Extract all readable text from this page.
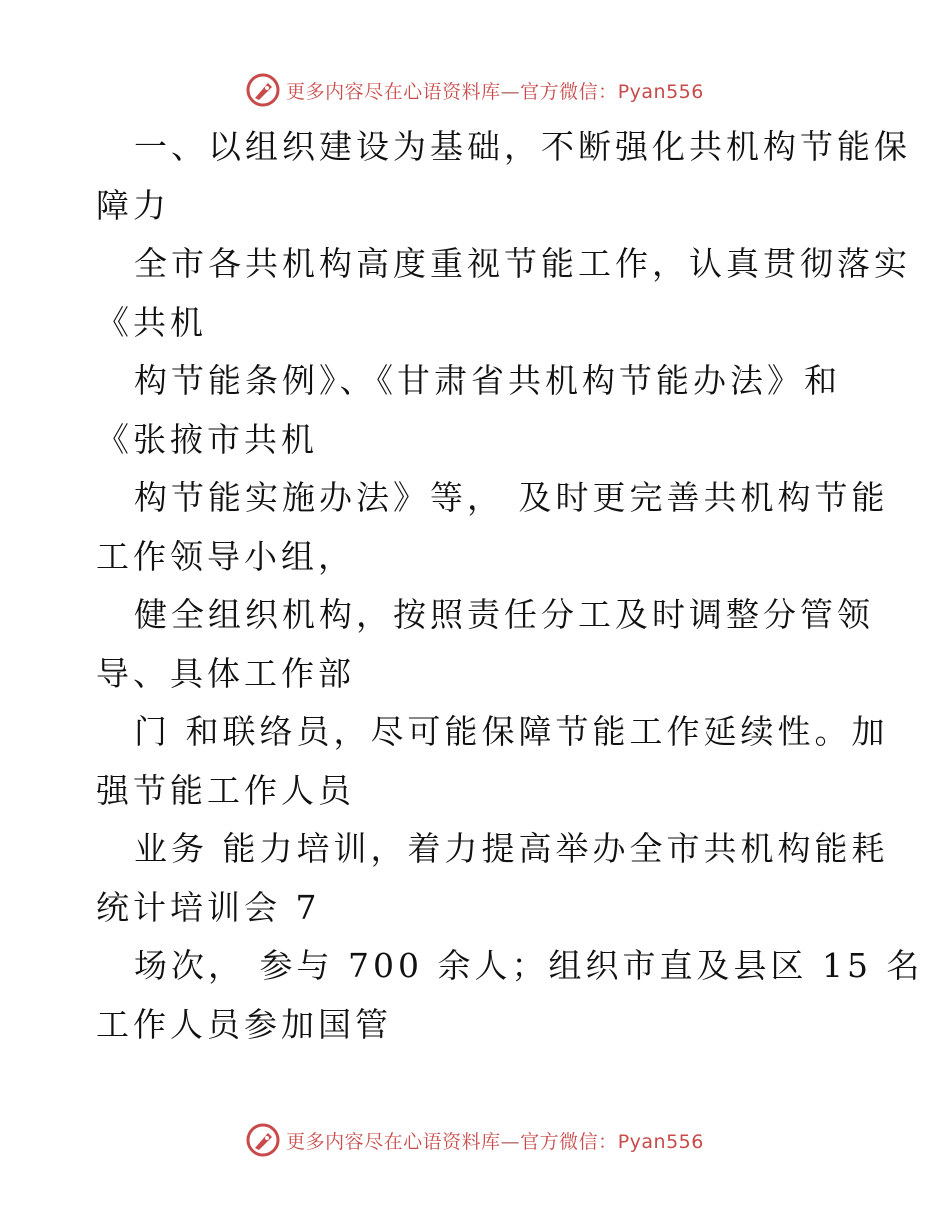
更多内容尽在心语资料库—官方微信：Pyan556

一、以组织建设为基础，不断强化共机构节能保
障力
全市各共机构高度重视节能工作，认真贯彻落实
《共机
构节能条例》、《甘肃省共机构节能办法》和
《张掖市共机
构节能实施办法》等， 及时更完善共机构节能
工作领导小组，
健全组织机构，按照责任分工及时调整分管领
导、具体工作部
门 和联络员，尽可能保障节能工作延续性。加
强节能工作人员
业务 能力培训，着力提高举办全市共机构能耗
统计培训会 7
场次， 参与 700 余人；组织市直及县区 15 名
工作人员参加国管

更多内容尽在心语资料库—官方微信：Pyan556
